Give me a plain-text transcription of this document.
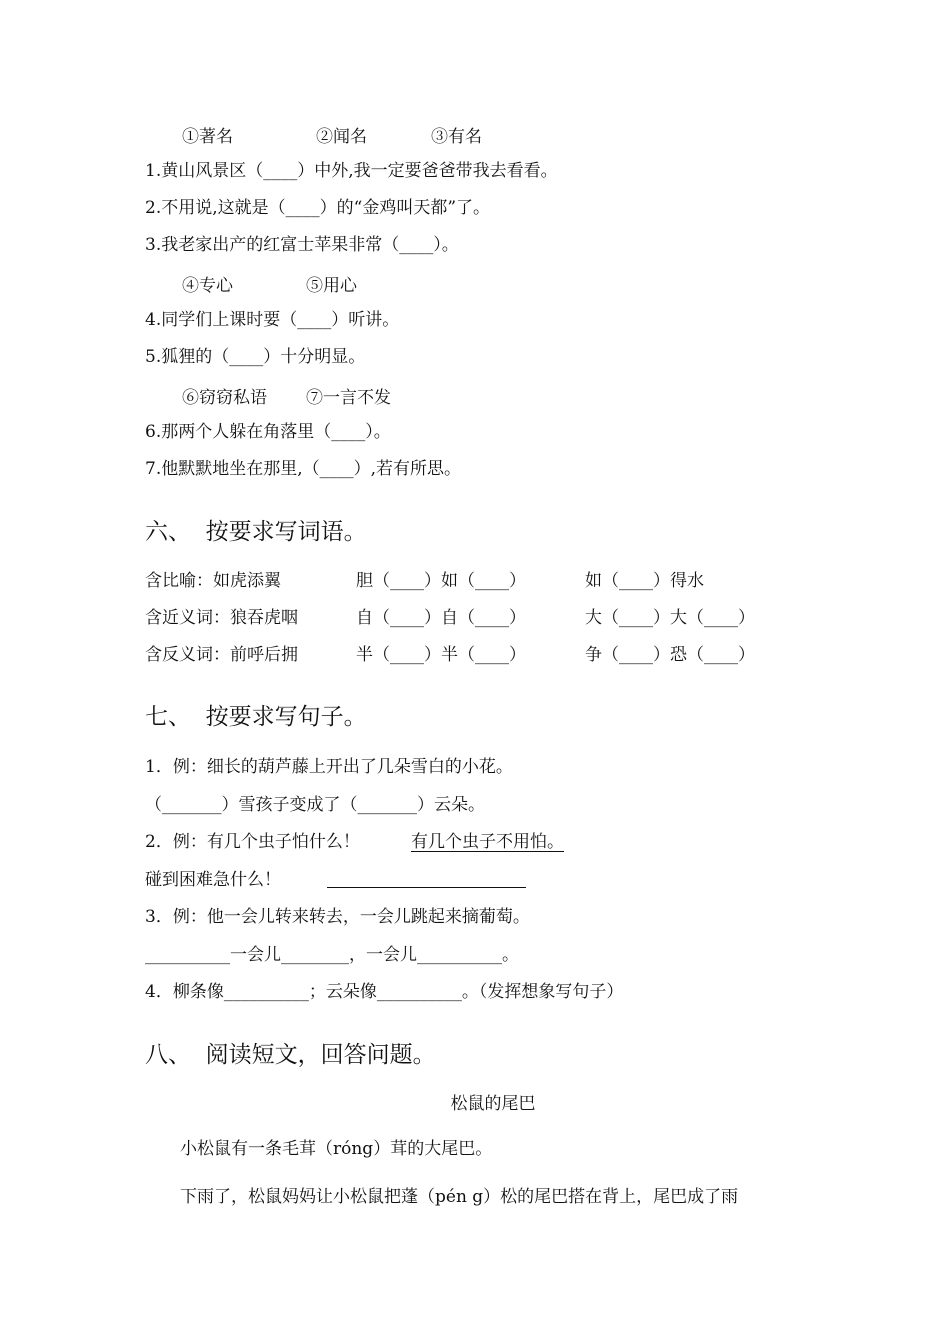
①著名	②闻名	③有名
1.黄山风景区（____）中外,我一定要爸爸带我去看看。
2.不用说,这就是（____）的“金鸡叫天都”了。
3.我老家出产的红富士苹果非常（____）。
④专心	⑤用心
4.同学们上课时要（____）听讲。
5.狐狸的（____）十分明显。
⑥窃窃私语 ⑦一言不发
6.那两个人躲在角落里（____）。
7.他默默地坐在那里,（____）,若有所思。
六、  按要求写词语。
含比喻：如虎添翼	胆（____）如（____）	如（____）得水
含近义词：狼吞虎咽	自（____）自（____）	大（____）大（____）
含反义词：前呼后拥	半（____）半（____）	争（____）恐（____）
七、  按要求写句子。
1．例：细长的葫芦藤上开出了几朵雪白的小花。
（_______）雪孩子变成了（_______）云朵。
2．例：有几个虫子怕什么！	有几个虫子不用怕。
碰到困难急什么！
3．例：他一会儿转来转去，一会儿跳起来摘葡萄。
__________一会儿________，一会儿__________。
4．柳条像__________；云朵像__________。（发挥想象写句子）
八、  阅读短文，回答问题。
松鼠的尾巴
小松鼠有一条毛茸（róng）茸的大尾巴。
下雨了，松鼠妈妈让小松鼠把蓬（pén g）松的尾巴搭在背上，尾巴成了雨
